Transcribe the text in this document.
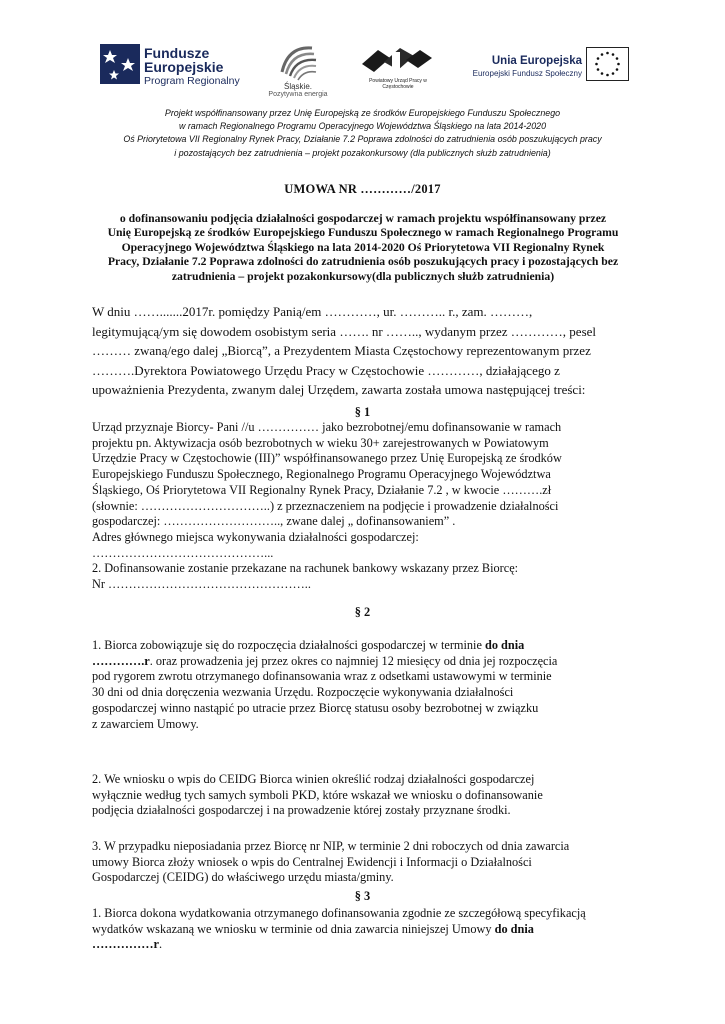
Fundusze
Europejskie
Program Regionalny	Śląskie.
Pozytywna energia
Powiatowy Urząd Pracy w Częstochowie
Unia Europejska
Europejski Fundusz Społeczny
Projekt współfinansowany przez Unię Europejską ze środków Europejskiego Funduszu Społecznego
w ramach Regionalnego Programu Operacyjnego Województwa Śląskiego na lata 2014-2020
Oś Priorytetowa VII Regionalny Rynek Pracy, Działanie 7.2 Poprawa zdolności do zatrudnienia osób poszukujących pracy
i pozostających bez zatrudnienia – projekt pozakonkursowy (dla publicznych służb zatrudnienia)
UMOWA NR …………/2017
o dofinansowaniu podjęcia działalności gospodarczej w ramach projektu współfinansowany przez
Unię Europejską ze środków Europejskiego Funduszu Społecznego w ramach Regionalnego Programu
Operacyjnego Województwa Śląskiego na lata 2014-2020 Oś Priorytetowa VII Regionalny Rynek
Pracy, Działanie 7.2 Poprawa zdolności do zatrudnienia osób poszukujących pracy i pozostających bez
zatrudnienia – projekt pozakonkursowy(dla publicznych służb zatrudnienia)
W dniu …….......2017r. pomiędzy Panią/em …………, ur. ……….. r., zam. ………,
legitymującą/ym się dowodem osobistym seria ……. nr …….., wydanym przez …………, pesel
……… zwaną/ego dalej „Biorcą”, a Prezydentem Miasta Częstochowy reprezentowanym przez
……….Dyrektora Powiatowego Urzędu Pracy w Częstochowie …………, działającego z
upoważnienia Prezydenta, zwanym dalej Urzędem, zawarta została umowa następującej treści:
§ 1
Urząd przyznaje Biorcy- Pani //u …………… jako bezrobotnej/emu dofinansowanie w ramach
projektu pn. Aktywizacja osób bezrobotnych w wieku 30+ zarejestrowanych w Powiatowym
Urzędzie Pracy w Częstochowie (III)” współfinansowanego przez Unię Europejską ze środków
Europejskiego Funduszu Społecznego, Regionalnego Programu Operacyjnego Województwa
Śląskiego, Oś Priorytetowa VII Regionalny Rynek Pracy, Działanie 7.2 , w kwocie ……….zł
(słownie: …………………………..) z przeznaczeniem na podjęcie i prowadzenie działalności
gospodarczej: ……………………….., zwane dalej „ dofinansowaniem” .
Adres głównego miejsca wykonywania działalności gospodarczej:
……………………………………...
2. Dofinansowanie zostanie przekazane na rachunek bankowy wskazany przez Biorcę:
Nr …………………………………………..
§ 2
1. Biorca zobowiązuje się do rozpoczęcia działalności gospodarczej w terminie do dnia
………….r. oraz prowadzenia jej przez okres co najmniej 12 miesięcy od dnia jej rozpoczęcia
pod rygorem zwrotu otrzymanego dofinansowania wraz z odsetkami ustawowymi w terminie
30 dni od dnia doręczenia wezwania Urzędu. Rozpoczęcie wykonywania działalności
gospodarczej winno nastąpić po utracie przez Biorcę statusu osoby bezrobotnej w związku
z zawarciem Umowy.
2. We wniosku o wpis do CEIDG Biorca winien określić rodzaj działalności gospodarczej
wyłącznie według tych samych symboli PKD, które wskazał we wniosku o dofinansowanie
podjęcia działalności gospodarczej i na prowadzenie której zostały przyznane środki.
3. W przypadku nieposiadania przez Biorcę nr NIP, w terminie 2 dni roboczych od dnia zawarcia
umowy Biorca złoży wniosek o wpis do Centralnej Ewidencji i Informacji o Działalności
Gospodarczej (CEIDG) do właściwego urzędu miasta/gminy.
§ 3
1. Biorca dokona wydatkowania otrzymanego dofinansowania zgodnie ze szczegółową specyfikacją
wydatków wskazaną we wniosku w terminie od dnia zawarcia niniejszej Umowy do dnia
……………r.
